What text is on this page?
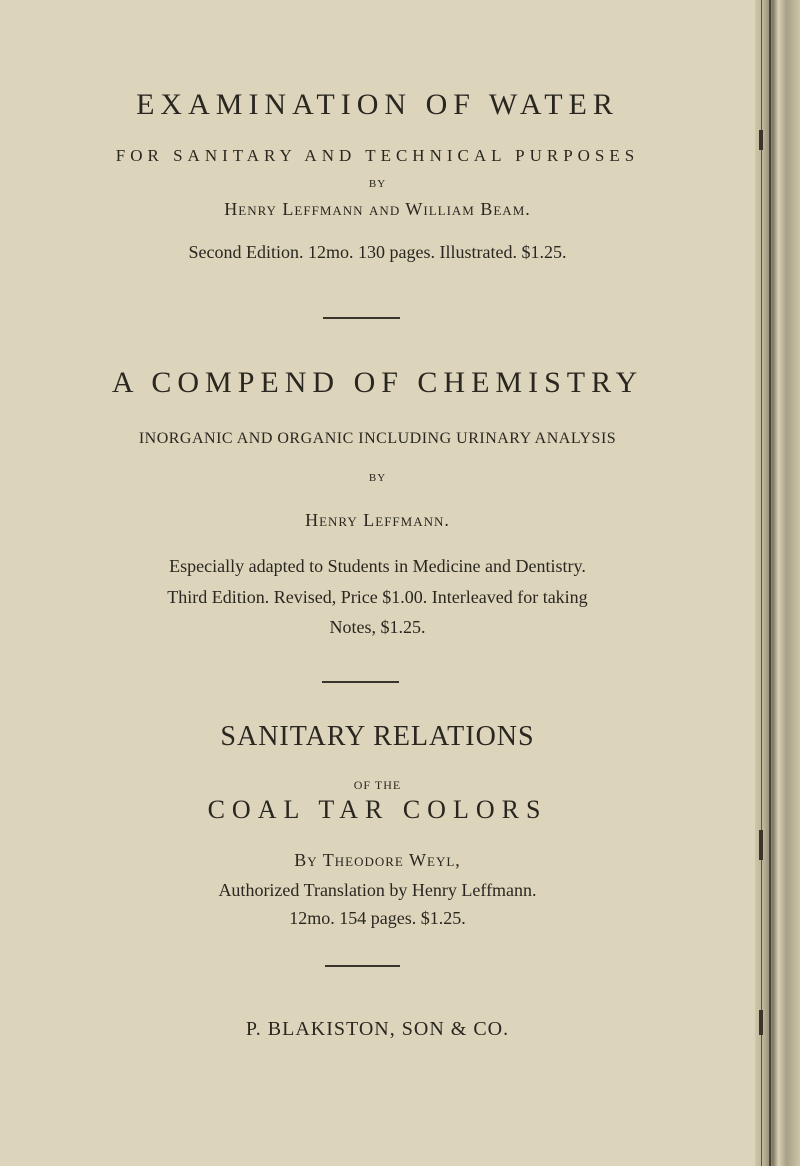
EXAMINATION OF WATER
FOR SANITARY AND TECHNICAL PURPOSES
BY
Henry Leffmann and William Beam.
Second Edition. 12mo. 130 pages. Illustrated. $1.25.
A COMPEND OF CHEMISTRY
INORGANIC AND ORGANIC INCLUDING URINARY ANALYSIS
BY
Henry Leffmann.
Especially adapted to Students in Medicine and Dentistry.
Third Edition. Revised, Price $1.00. Interleaved for taking
Notes, $1.25.
SANITARY RELATIONS
OF THE
COAL TAR COLORS
By Theodore Weyl,
Authorized Translation by Henry Leffmann.
12mo. 154 pages. $1.25.
P. BLAKISTON, SON & CO.
